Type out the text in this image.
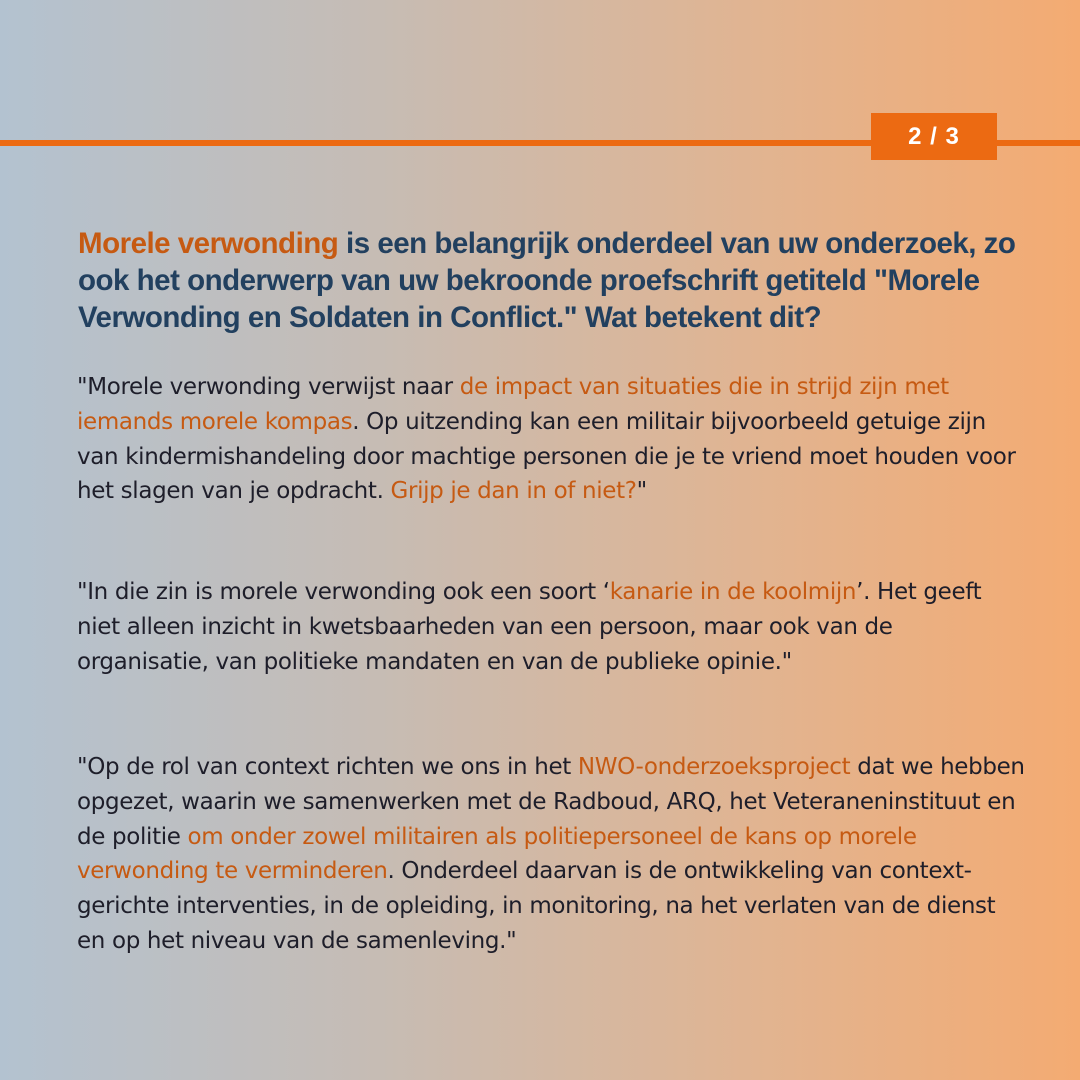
2 / 3
Morele verwonding is een belangrijk onderdeel van uw onderzoek, zo ook het onderwerp van uw bekroonde proefschrift getiteld "Morele Verwonding en Soldaten in Conflict." Wat betekent dit?

"Morele verwonding verwijst naar de impact van situaties die in strijd zijn met iemands morele kompas. Op uitzending kan een militair bijvoorbeeld getuige zijn van kindermishandeling door machtige personen die je te vriend moet houden voor het slagen van je opdracht. Grijp je dan in of niet?"

"In die zin is morele verwonding ook een soort ‘kanarie in de koolmijn’. Het geeft niet alleen inzicht in kwetsbaarheden van een persoon, maar ook van de organisatie, van politieke mandaten en van de publieke opinie."

"Op de rol van context richten we ons in het NWO-onderzoeksproject dat we hebben opgezet, waarin we samenwerken met de Radboud, ARQ, het Veteraneninstituut en de politie om onder zowel militairen als politiepersoneel de kans op morele verwonding te verminderen. Onderdeel daarvan is de ontwikkeling van context-gerichte interventies, in de opleiding, in monitoring, na het verlaten van de dienst en op het niveau van de samenleving."
